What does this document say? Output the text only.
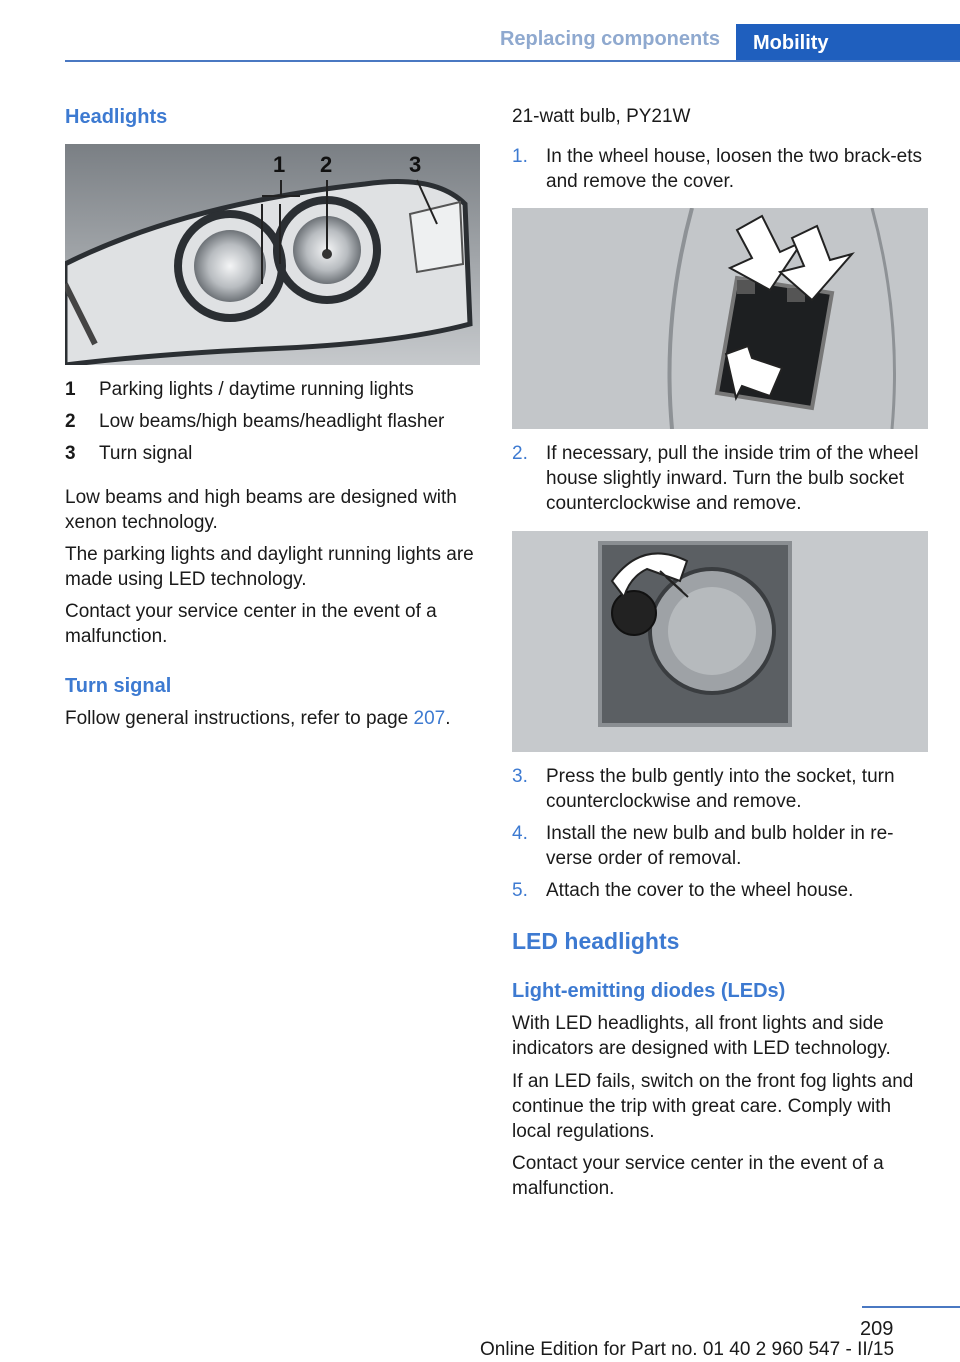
Replacing components	Mobility
Headlights
1 2	3
1 Parking lights / daytime running lights
2 Low beams/high beams/headlight flasher
3 Turn signal

Low beams and high beams are designed with xenon technology.

The parking lights and daylight running lights are made using LED technology.

Contact your service center in the event of a malfunction.

Turn signal

Follow general instructions, refer to page 207.

21-watt bulb, PY21W

1. In the wheel house, loosen the two brack‐ets and remove the cover.
2. If necessary, pull the inside trim of the wheel house slightly inward. Turn the bulb socket counterclockwise and remove.
3. Press the bulb gently into the socket, turn counterclockwise and remove.
4. Install the new bulb and bulb holder in re‐verse order of removal.
5. Attach the cover to the wheel house.
LED headlights
Light-emitting diodes (LEDs)

With LED headlights, all front lights and side indicators are designed with LED technology.

If an LED fails, switch on the front fog lights and continue the trip with great care. Comply with local regulations.

Contact your service center in the event of a malfunction.

209
Online Edition for Part no. 01 40 2 960 547 - II/15
